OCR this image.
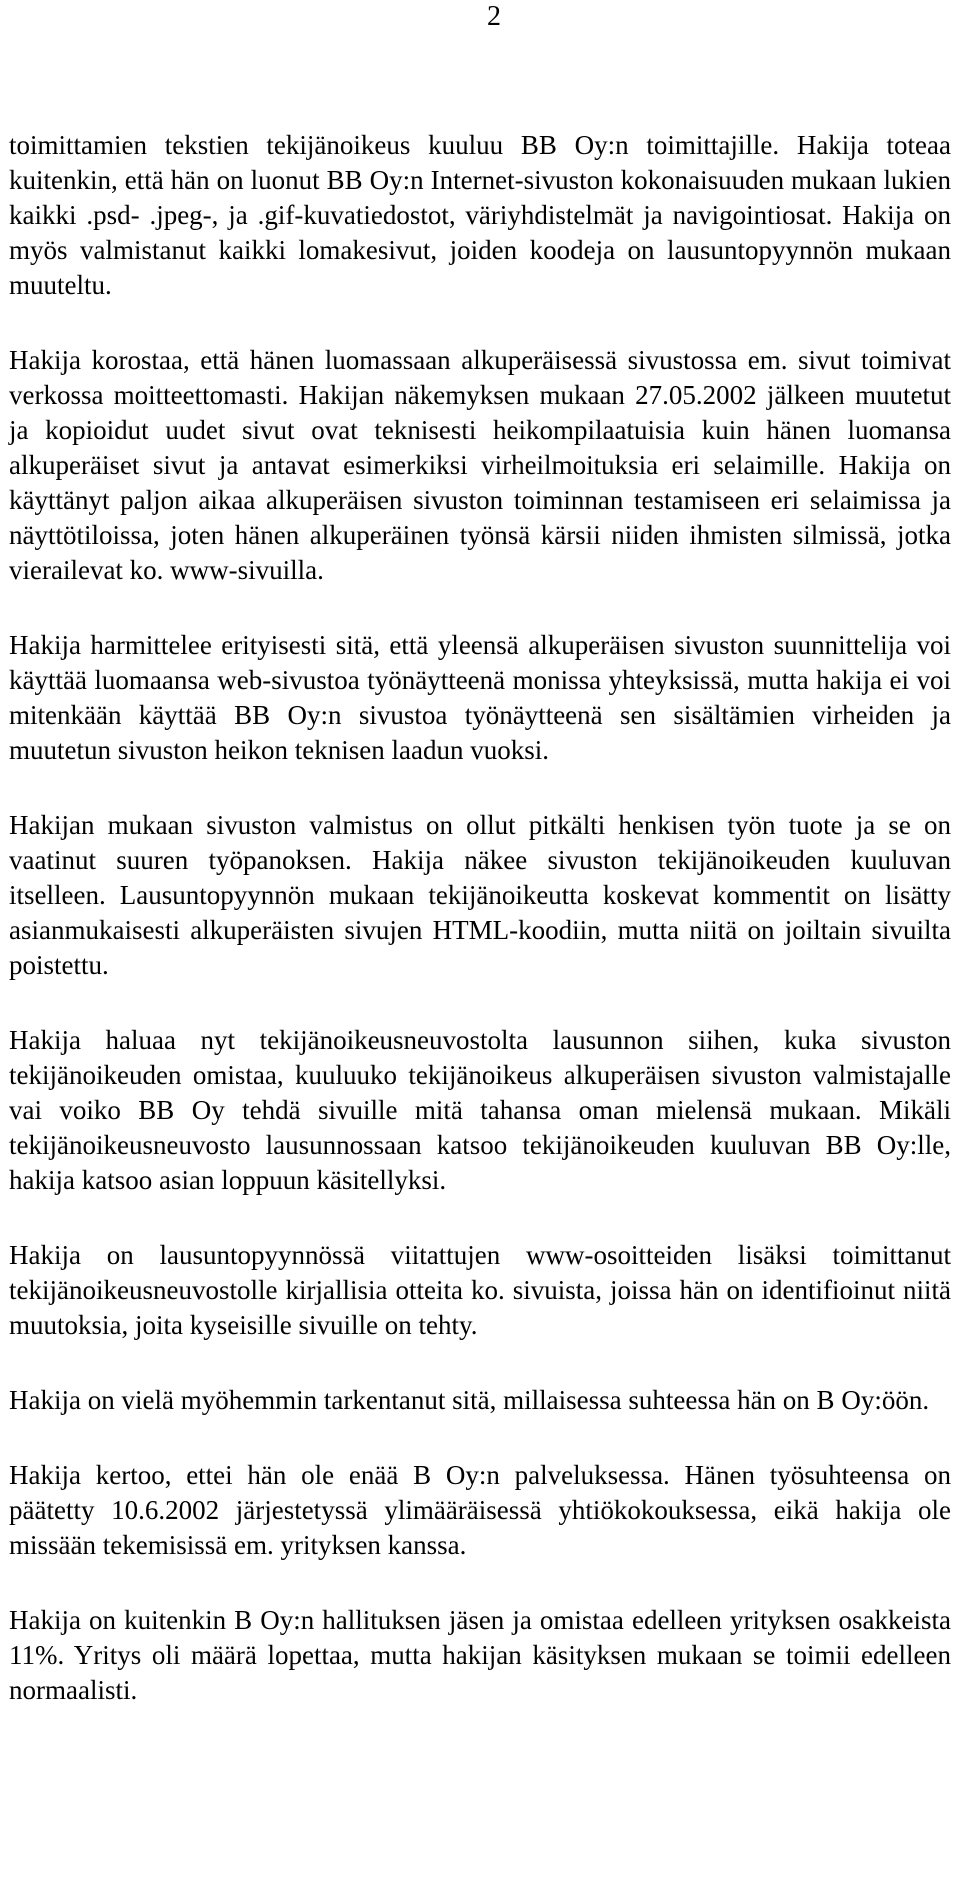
2

toimittamien tekstien tekijänoikeus kuuluu BB Oy:n toimittajille. Hakija toteaa kuitenkin, että hän on luonut BB Oy:n Internet-sivuston kokonaisuuden mukaan lukien kaikki .psd- .jpeg-, ja .gif-kuvatiedostot, väriyhdistelmät ja navigointiosat. Hakija on myös valmistanut kaikki lomakesivut, joiden koodeja on lausuntopyynnön mukaan muuteltu.

Hakija korostaa, että hänen luomassaan alkuperäisessä sivustossa em. sivut toimivat verkossa moitteettomasti. Hakijan näkemyksen mukaan 27.05.2002 jälkeen muutetut ja kopioidut uudet sivut ovat teknisesti heikompilaatuisia kuin hänen luomansa alkuperäiset sivut ja antavat esimerkiksi virheilmoituksia eri selaimille. Hakija on käyttänyt paljon aikaa alkuperäisen sivuston toiminnan testamiseen eri selaimissa ja näyttötiloissa, joten hänen alkuperäinen työnsä kärsii niiden ihmisten silmissä, jotka vierailevat ko. www-sivuilla.

Hakija harmittelee erityisesti sitä, että yleensä alkuperäisen sivuston suunnittelija voi käyttää luomaansa web-sivustoa työnäytteenä monissa yhteyksissä, mutta hakija ei voi mitenkään käyttää BB Oy:n sivustoa työnäytteenä sen sisältämien virheiden ja muutetun sivuston heikon teknisen laadun vuoksi.

Hakijan mukaan sivuston valmistus on ollut pitkälti henkisen työn tuote ja se on vaatinut suuren työpanoksen. Hakija näkee sivuston tekijänoikeuden kuuluvan itselleen. Lausuntopyynnön mukaan tekijänoikeutta koskevat kommentit on lisätty asianmukaisesti alkuperäisten sivujen HTML-koodiin, mutta niitä on joiltain sivuilta poistettu.

Hakija haluaa nyt tekijänoikeusneuvostolta lausunnon siihen, kuka sivuston tekijänoikeuden omistaa, kuuluuko tekijänoikeus alkuperäisen sivuston valmistajalle vai voiko BB Oy tehdä sivuille mitä tahansa oman mielensä mukaan. Mikäli tekijänoikeusneuvosto lausunnossaan katsoo tekijänoikeuden kuuluvan BB Oy:lle, hakija katsoo asian loppuun käsitellyksi.

Hakija on lausuntopyynnössä viitattujen www-osoitteiden lisäksi toimittanut tekijänoikeusneuvostolle kirjallisia otteita ko. sivuista, joissa hän on identifioinut niitä muutoksia, joita kyseisille sivuille on tehty.

Hakija on vielä myöhemmin tarkentanut sitä, millaisessa suhteessa hän on B Oy:öön.

Hakija kertoo, ettei hän ole enää B Oy:n palveluksessa. Hänen työsuhteensa on päätetty 10.6.2002 järjestetyssä ylimääräisessä yhtiökokouksessa, eikä hakija ole missään tekemisissä em. yrityksen kanssa.

Hakija on kuitenkin B Oy:n hallituksen jäsen ja omistaa edelleen yrityksen osakkeista 11%. Yritys oli määrä lopettaa, mutta hakijan käsityksen mukaan se toimii edelleen normaalisti.
